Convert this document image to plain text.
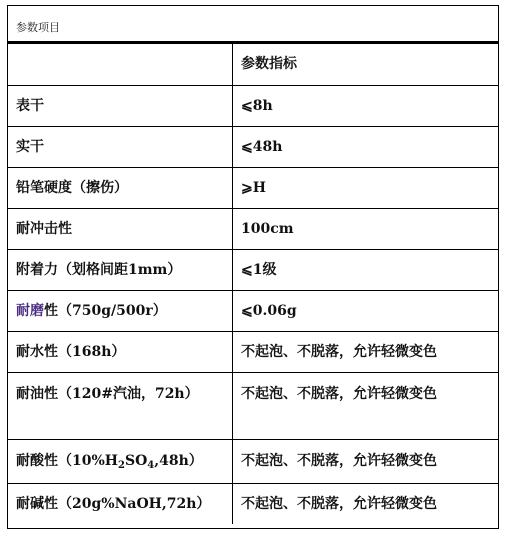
参数项目
	参数指标
表干	⩽8h
实干	⩽48h
铅笔硬度（擦伤）	⩾H
耐冲击性	100cm
附着力（划格间距1mm）	⩽1级
耐磨性（750g/500r）	⩽0.06g
耐水性（168h）	不起泡、不脱落，允许轻微变色
耐油性（120#汽油，72h）	不起泡、不脱落，允许轻微变色
耐酸性$(10\%H_2SO_4,48h)$	不起泡、不脱落，允许轻微变色
耐碱性（20g%NaOH,72h）	不起泡、不脱落，允许轻微变色
